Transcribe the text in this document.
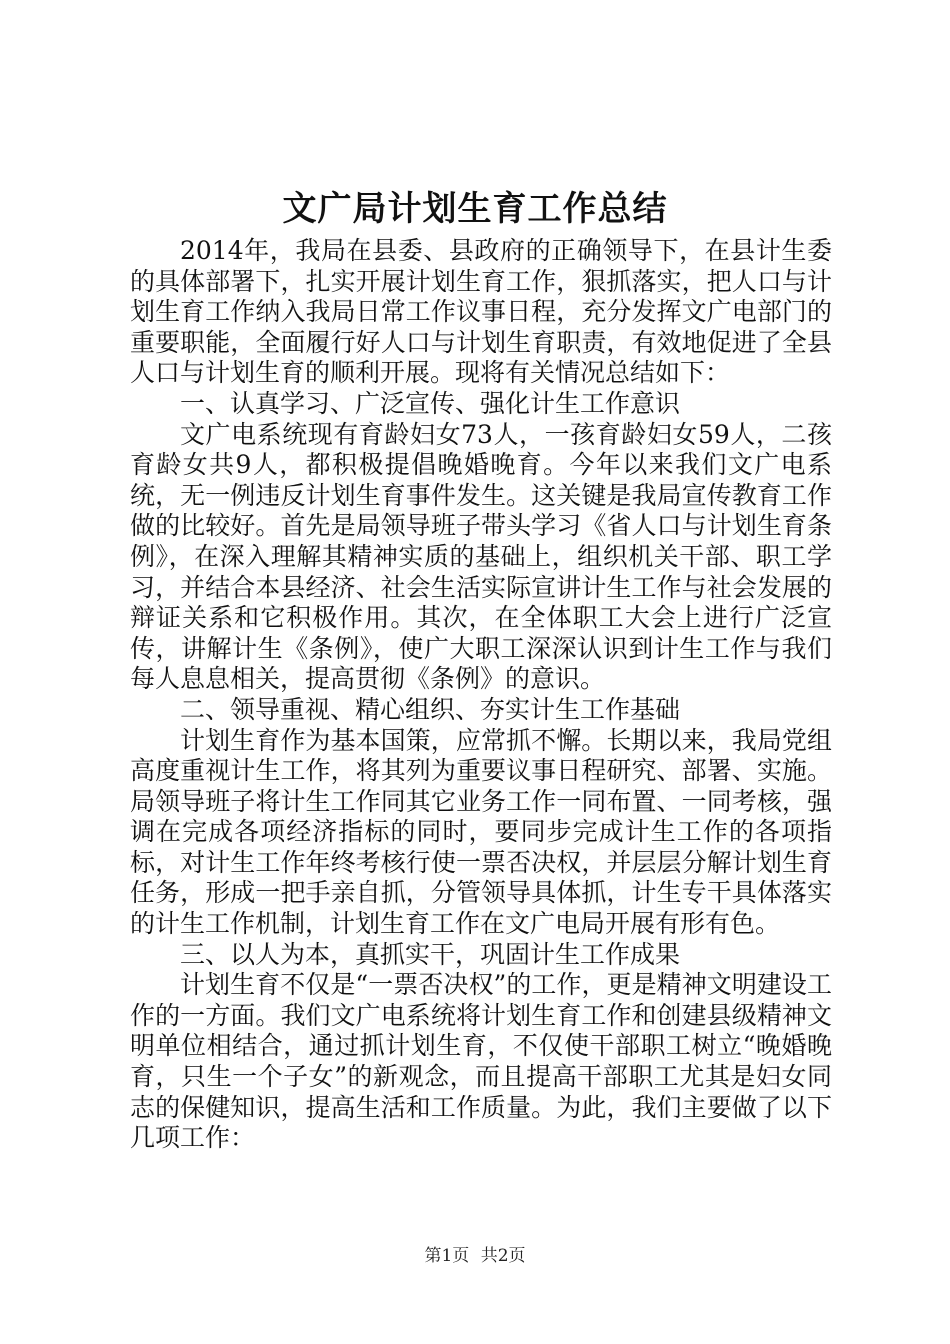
文广局计划生育工作总结

2014年，我局在县委、县政府的正确领导下，在县计生委的具体部署下，扎实开展计划生育工作，狠抓落实，把人口与计划生育工作纳入我局日常工作议事日程，充分发挥文广电部门的重要职能，全面履行好人口与计划生育职责，有效地促进了全县人口与计划生育的顺利开展。现将有关情况总结如下：

一、认真学习、广泛宣传、强化计生工作意识

文广电系统现有育龄妇女73人，一孩育龄妇女59人，二孩育龄女共9人，都积极提倡晚婚晚育。今年以来我们文广电系统，无一例违反计划生育事件发生。这关键是我局宣传教育工作做的比较好。首先是局领导班子带头学习《省人口与计划生育条例》，在深入理解其精神实质的基础上，组织机关干部、职工学习，并结合本县经济、社会生活实际宣讲计生工作与社会发展的辩证关系和它积极作用。其次，在全体职工大会上进行广泛宣传，讲解计生《条例》，使广大职工深深认识到计生工作与我们每人息息相关，提高贯彻《条例》的意识。

二、领导重视、精心组织、夯实计生工作基础

计划生育作为基本国策，应常抓不懈。长期以来，我局党组高度重视计生工作，将其列为重要议事日程研究、部署、实施。局领导班子将计生工作同其它业务工作一同布置、一同考核，强调在完成各项经济指标的同时，要同步完成计生工作的各项指标，对计生工作年终考核行使一票否决权，并层层分解计划生育任务，形成一把手亲自抓，分管领导具体抓，计生专干具体落实的计生工作机制，计划生育工作在文广电局开展有形有色。

三、以人为本，真抓实干，巩固计生工作成果

计划生育不仅是“一票否决权”的工作，更是精神文明建设工作的一方面。我们文广电系统将计划生育工作和创建县级精神文明单位相结合，通过抓计划生育，不仅使干部职工树立“晚婚晚育，只生一个子女”的新观念，而且提高干部职工尤其是妇女同志的保健知识，提高生活和工作质量。为此，我们主要做了以下几项工作：

第1页 共2页
